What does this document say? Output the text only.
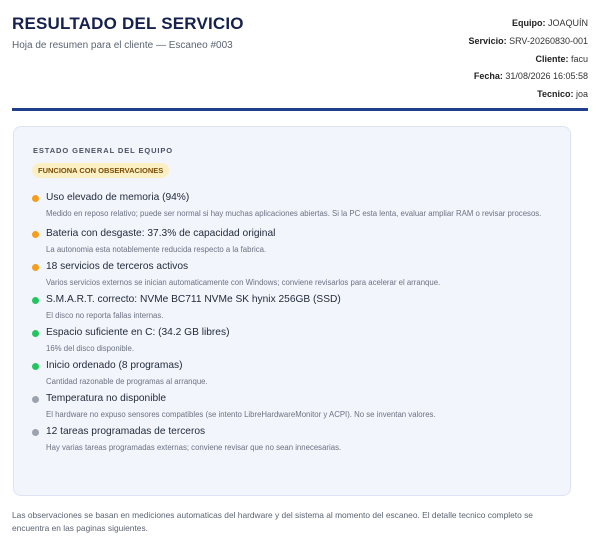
RESULTADO DEL SERVICIO
Hoja de resumen para el cliente — Escaneo #003
Equipo: JOAQUÍN
Servicio: SRV-20260830-001
Cliente: facu
Fecha: 31/08/2026 16:05:58
Tecnico: joa
ESTADO GENERAL DEL EQUIPO
FUNCIONA CON OBSERVACIONES
Uso elevado de memoria (94%)
Medido en reposo relativo; puede ser normal si hay muchas aplicaciones abiertas. Si la PC esta lenta, evaluar ampliar RAM o revisar procesos.
Bateria con desgaste: 37.3% de capacidad original
La autonomia esta notablemente reducida respecto a la fabrica.
18 servicios de terceros activos
Varios servicios externos se inician automaticamente con Windows; conviene revisarlos para acelerar el arranque.
S.M.A.R.T. correcto: NVMe BC711 NVMe SK hynix 256GB (SSD)
El disco no reporta fallas internas.
Espacio suficiente en C: (34.2 GB libres)
16% del disco disponible.
Inicio ordenado (8 programas)
Cantidad razonable de programas al arranque.
Temperatura no disponible
El hardware no expuso sensores compatibles (se intento LibreHardwareMonitor y ACPI). No se inventan valores.
12 tareas programadas de terceros
Hay varias tareas programadas externas; conviene revisar que no sean innecesarias.
Las observaciones se basan en mediciones automaticas del hardware y del sistema al momento del escaneo. El detalle tecnico completo se encuentra en las paginas siguientes.
